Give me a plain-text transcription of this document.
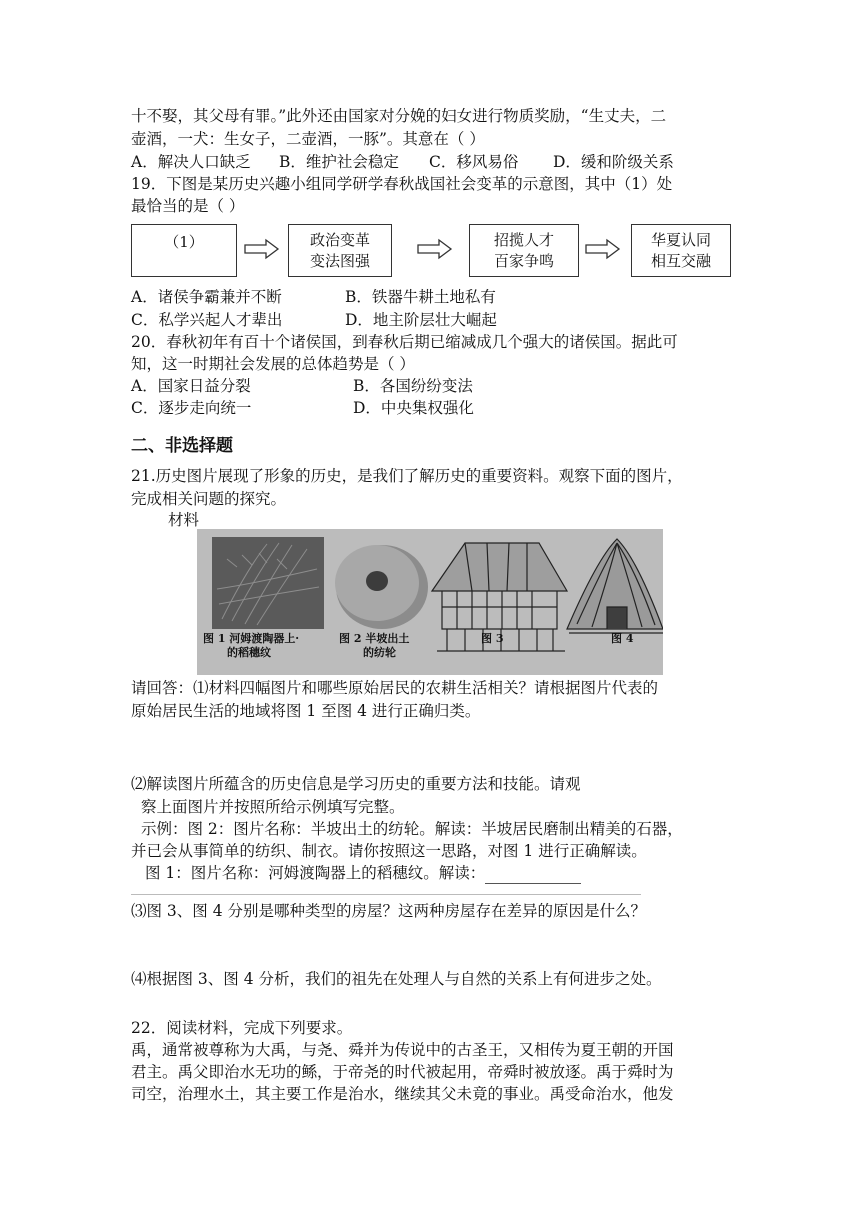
十不娶，其父母有罪。”此外还由国家对分娩的妇女进行物质奖励，“生丈夫，二
壶酒，一犬：生女子，二壶酒，一豚”。其意在（ ）
A．解决人口缺乏 B．维护社会稳定 C．移风易俗 D．缓和阶级关系
19．下图是某历史兴趣小组同学研学春秋战国社会变革的示意图，其中（1）处
最恰当的是（ ）
（1）	政治变革
变法图强
招揽人才
百家争鸣
华夏认同
相互交融
A．诸侯争霸兼并不断	B．铁器牛耕土地私有
C．私学兴起人才辈出	D．地主阶层壮大崛起
20．春秋初年有百十个诸侯国，到春秋后期已缩减成几个强大的诸侯国。据此可
知，这一时期社会发展的总体趋势是（ ）
A．国家日益分裂	B．各国纷纷变法
C．逐步走向统一	D．中央集权强化
二、非选择题
21.历史图片展现了形象的历史，是我们了解历史的重要资料。观察下面的图片，
完成相关问题的探究。
材料
图 1 河姆渡陶器上·
的稻穗纹
图 2 半坡出土
的纺轮
图 3	图 4
请回答：⑴材料四幅图片和哪些原始居民的农耕生活相关？请根据图片代表的
原始居民生活的地域将图 1 至图 4 进行正确归类。
⑵解读图片所蕴含的历史信息是学习历史的重要方法和技能。请观
察上面图片并按照所给示例填写完整。
示例：图 2：图片名称：半坡出土的纺轮。解读：半坡居民磨制出精美的石器，
并已会从事简单的纺织、制衣。请你按照这一思路，对图 1 进行正确解读。
图 1：图片名称：河姆渡陶器上的稻穗纹。解读：
⑶图 3、图 4 分别是哪种类型的房屋？这两种房屋存在差异的原因是什么？
⑷根据图 3、图 4 分析，我们的祖先在处理人与自然的关系上有何进步之处。
22．阅读材料，完成下列要求。
禹，通常被尊称为大禹，与尧、舜并为传说中的古圣王，又相传为夏王朝的开国
君主。禹父即治水无功的鲧，于帝尧的时代被起用，帝舜时被放逐。禹于舜时为
司空，治理水土，其主要工作是治水，继续其父未竟的事业。禹受命治水，他发
